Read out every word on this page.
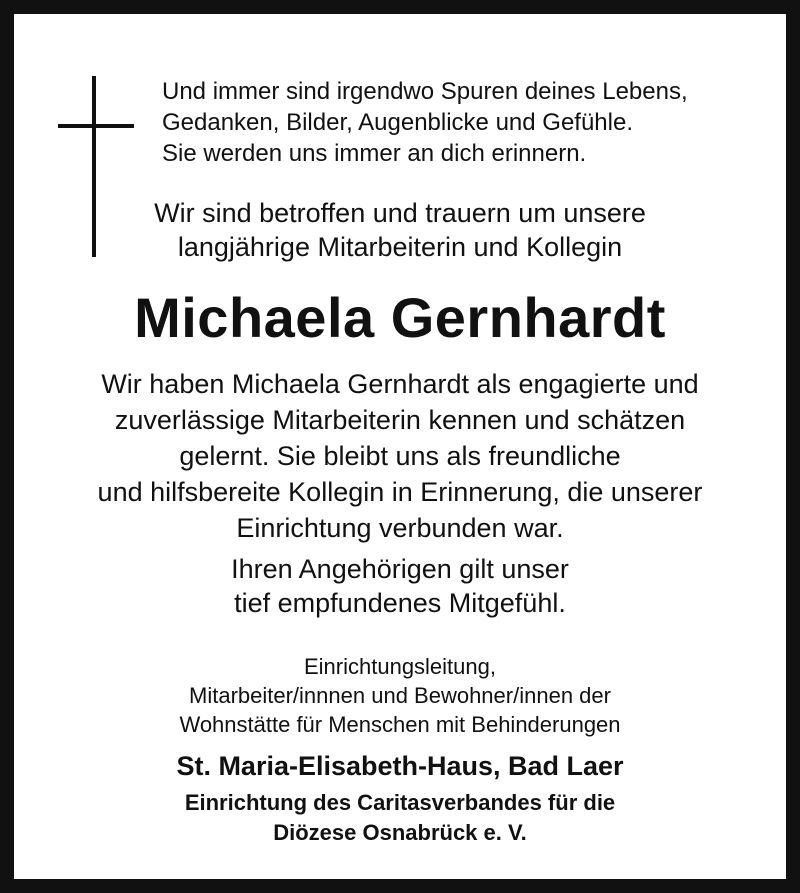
Und immer sind irgendwo Spuren deines Lebens,
Gedanken, Bilder, Augenblicke und Gefühle.
Sie werden uns immer an dich erinnern.
Wir sind betroffen und trauern um unsere
langjährige Mitarbeiterin und Kollegin
Michaela Gernhardt
Wir haben Michaela Gernhardt als engagierte und
zuverlässige Mitarbeiterin kennen und schätzen
gelernt. Sie bleibt uns als freundliche
und hilfsbereite Kollegin in Erinnerung, die unserer
Einrichtung verbunden war.
Ihren Angehörigen gilt unser
tief empfundenes Mitgefühl.
Einrichtungsleitung,
Mitarbeiter/innnen und Bewohner/innen der
Wohnstätte für Menschen mit Behinderungen
St. Maria-Elisabeth-Haus, Bad Laer
Einrichtung des Caritasverbandes für die
Diözese Osnabrück e. V.
